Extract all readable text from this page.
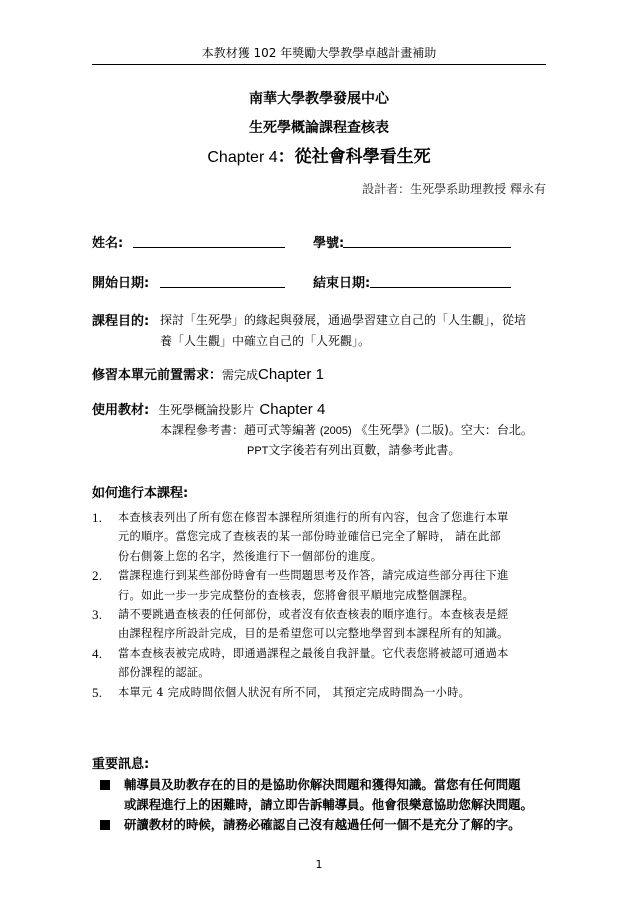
本教材獲 102 年獎勵大學教學卓越計畫補助
南華大學教學發展中心
生死學概論課程查核表
Chapter 4：從社會科學看生死
設計者：生死學系助理教授 釋永有
姓名:	學號:
開始日期:	結束日期:
課程目的: 探討「生死學」的緣起與發展，通過學習建立自己的「人生觀」，從培
養「人生觀」中確立自己的「人死觀」。
修習本單元前置需求：需完成Chapter 1
使用教材: 生死學概論投影片 Chapter 4
本課程參考書：趙可式等編著 (2005) 《生死學》(二版)。空大：台北。
PPT文字後若有列出頁數，請參考此書。
如何進行本課程:
1. 本查核表列出了所有您在修習本課程所須進行的所有內容，包含了您進行本單
元的順序。當您完成了查核表的某一部份時並確信已完全了解時， 請在此部
份右側簽上您的名字，然後進行下一個部份的進度。
2. 當課程進行到某些部份時會有一些問題思考及作答，請完成這些部分再往下進
行。如此一步一步完成整份的查核表，您將會很平順地完成整個課程。
3. 請不要跳過查核表的任何部份，或者沒有依查核表的順序進行。本查核表是經
由課程程序所設計完成，目的是希望您可以完整地學習到本課程所有的知識。
4. 當本查核表被完成時，即通過課程之最後自我評量。它代表您將被認可通過本
部份課程的認証。
5. 本單元 4 完成時間依個人狀況有所不同， 其預定完成時間為一小時。
重要訊息:
輔導員及助教存在的目的是協助你解決問題和獲得知識。當您有任何問題
或課程進行上的困難時，請立即告訴輔導員。他會很樂意協助您解決問題。
研讀教材的時候，請務必確認自己沒有越過任何一個不是充分了解的字。
1
